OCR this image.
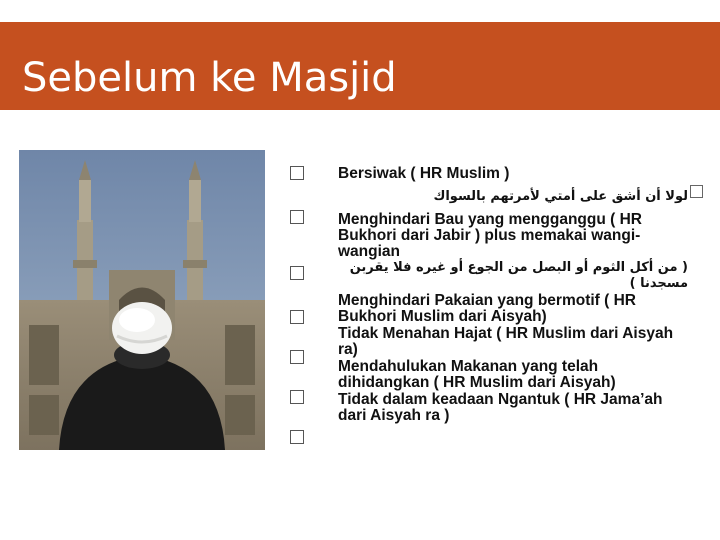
Sebelum ke Masjid
Bersiwak ( HR Muslim )
لولا أن أشق على أمتي لأمرتهم بالسواك
Menghindari Bau yang mengganggu ( HR Bukhori dari Jabir ) plus memakai wangi-wangian
( من أكل الثوم أو البصل من الجوع أو غيره فلا يقربن مسجدنا )
Menghindari Pakaian yang bermotif ( HR Bukhori Muslim dari Aisyah)
Tidak Menahan Hajat ( HR Muslim dari Aisyah ra)
Mendahulukan Makanan yang telah dihidangkan ( HR Muslim dari Aisyah)
Tidak dalam keadaan Ngantuk ( HR Jama’ah dari Aisyah ra )
